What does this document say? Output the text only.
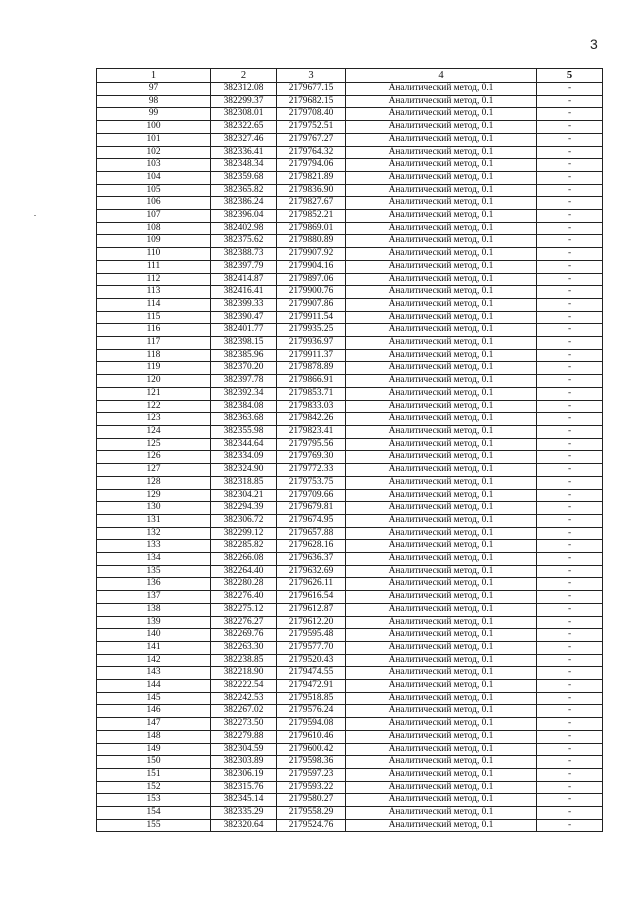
3
1	2	3	4	5
97	382312.08	2179677.15	Аналитический метод, 0.1	-
98	382299.37	2179682.15	Аналитический метод, 0.1	-
99	382308.01	2179708.40	Аналитический метод, 0.1	-
100	382322.65	2179752.51	Аналитический метод, 0.1	-
101	382327.46	2179767.27	Аналитический метод, 0.1	-
102	382336.41	2179764.32	Аналитический метод, 0.1	-
103	382348.34	2179794.06	Аналитический метод, 0.1	-
104	382359.68	2179821.89	Аналитический метод, 0.1	-
105	382365.82	2179836.90	Аналитический метод, 0.1	-
106	382386.24	2179827.67	Аналитический метод, 0.1	-
107	382396.04	2179852.21	Аналитический метод, 0.1	-
108	382402.98	2179869.01	Аналитический метод, 0.1	-
109	382375.62	2179880.89	Аналитический метод, 0.1	-
110	382388.73	2179907.92	Аналитический метод, 0.1	-
111	382397.79	2179904.16	Аналитический метод, 0.1	-
112	382414.87	2179897.06	Аналитический метод, 0.1	-
113	382416.41	2179900.76	Аналитический метод, 0.1	-
114	382399.33	2179907.86	Аналитический метод, 0.1	-
115	382390.47	2179911.54	Аналитический метод, 0.1	-
116	382401.77	2179935.25	Аналитический метод, 0.1	-
117	382398.15	2179936.97	Аналитический метод, 0.1	-
118	382385.96	2179911.37	Аналитический метод, 0.1	-
119	382370.20	2179878.89	Аналитический метод, 0.1	-
120	382397.78	2179866.91	Аналитический метод, 0.1	-
121	382392.34	2179853.71	Аналитический метод, 0.1	-
122	382384.08	2179833.03	Аналитический метод, 0.1	-
123	382363.68	2179842.26	Аналитический метод, 0.1	-
124	382355.98	2179823.41	Аналитический метод, 0.1	-
125	382344.64	2179795.56	Аналитический метод, 0.1	-
126	382334.09	2179769.30	Аналитический метод, 0.1	-
127	382324.90	2179772.33	Аналитический метод, 0.1	-
128	382318.85	2179753.75	Аналитический метод, 0.1	-
129	382304.21	2179709.66	Аналитический метод, 0.1	-
130	382294.39	2179679.81	Аналитический метод, 0.1	-
131	382306.72	2179674.95	Аналитический метод, 0.1	-
132	382299.12	2179657.88	Аналитический метод, 0.1	-
133	382285.82	2179628.16	Аналитический метод, 0.1	-
134	382266.08	2179636.37	Аналитический метод, 0.1	-
135	382264.40	2179632.69	Аналитический метод, 0.1	-
136	382280.28	2179626.11	Аналитический метод, 0.1	-
137	382276.40	2179616.54	Аналитический метод, 0.1	-
138	382275.12	2179612.87	Аналитический метод, 0.1	-
139	382276.27	2179612.20	Аналитический метод, 0.1	-
140	382269.76	2179595.48	Аналитический метод, 0.1	-
141	382263.30	2179577.70	Аналитический метод, 0.1	-
142	382238.85	2179520.43	Аналитический метод, 0.1	-
143	382218.90	2179474.55	Аналитический метод, 0.1	-
144	382222.54	2179472.91	Аналитический метод, 0.1	-
145	382242.53	2179518.85	Аналитический метод, 0.1	-
146	382267.02	2179576.24	Аналитический метод, 0.1	-
147	382273.50	2179594.08	Аналитический метод, 0.1	-
148	382279.88	2179610.46	Аналитический метод, 0.1	-
149	382304.59	2179600.42	Аналитический метод, 0.1	-
150	382303.89	2179598.36	Аналитический метод, 0.1	-
151	382306.19	2179597.23	Аналитический метод, 0.1	-
152	382315.76	2179593.22	Аналитический метод, 0.1	-
153	382345.14	2179580.27	Аналитический метод, 0.1	-
154	382335.29	2179558.29	Аналитический метод, 0.1	-
155	382320.64	2179524.76	Аналитический метод, 0.1	-
